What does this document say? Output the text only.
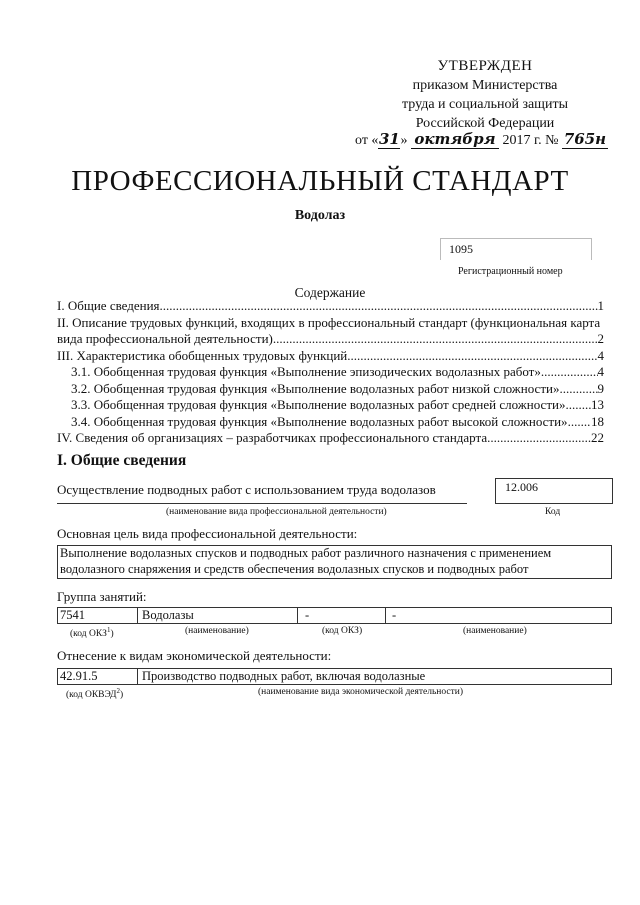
УТВЕРЖДЕН
приказом Министерства
труда и социальной защиты
Российской Федерации
от «31» октября 2017 г. № 765н
ПРОФЕССИОНАЛЬНЫЙ СТАНДАРТ
Водолаз
1095
Регистрационный номер
Содержание
I. Общие сведения .....	1
II. Описание трудовых функций, входящих в профессиональный стандарт (функциональная карта
вида профессиональной деятельности) .....	2
III. Характеристика обобщенных трудовых функций .....	4
3.1. Обобщенная трудовая функция «Выполнение эпизодических водолазных работ» .....	4
3.2. Обобщенная трудовая функция «Выполнение водолазных работ низкой сложности» .....	9
3.3. Обобщенная трудовая функция «Выполнение водолазных работ средней сложности» ..... 13
3.4. Обобщенная трудовая функция «Выполнение водолазных работ высокой сложности» ..... 18
IV. Сведения об организациях – разработчиках профессионального стандарта .....	22
I. Общие сведения
Осуществление подводных работ с использованием труда водолазов	12.006
(наименование вида профессиональной деятельности)	Код
Основная цель вида профессиональной деятельности:
Выполнение водолазных спусков и подводных работ различного назначения с применением
водолазного снаряжения и средств обеспечения водолазных спусков и подводных работ
Группа занятий:
7541	Водолазы	-	-
(код ОКЗ$^1$)	(наименование)	(код ОКЗ)	(наименование)
Отнесение к видам экономической деятельности:
42.91.5	Производство подводных работ, включая водолазные
(код ОКВЭД$^2$)	(наименование вида экономической деятельности)
